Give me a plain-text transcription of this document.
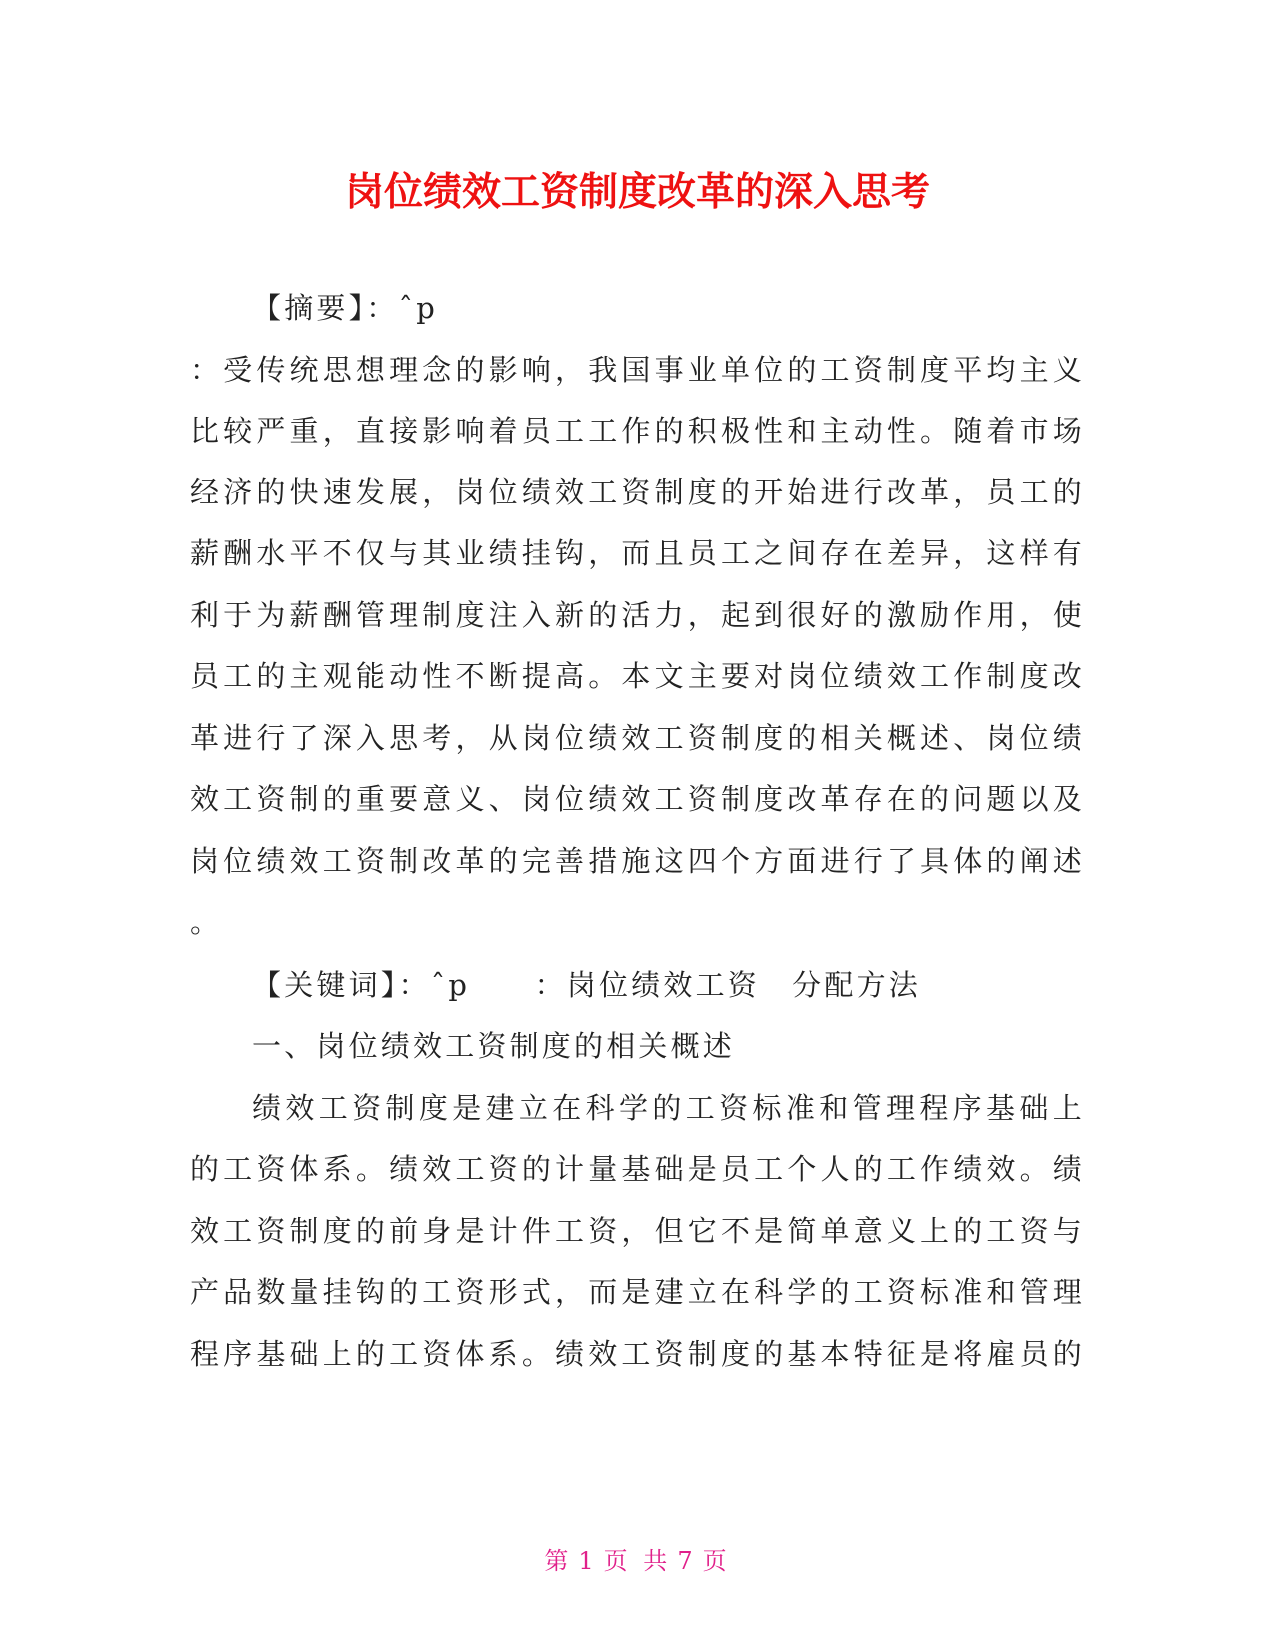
岗位绩效工资制度改革的深入思考
【摘要】：ˆp
：受传统思想理念的影响，我国事业单位的工资制度平均主义
比较严重，直接影响着员工工作的积极性和主动性。随着市场
经济的快速发展，岗位绩效工资制度的开始进行改革，员工的
薪酬水平不仅与其业绩挂钩，而且员工之间存在差异，这样有
利于为薪酬管理制度注入新的活力，起到很好的激励作用，使
员工的主观能动性不断提高。本文主要对岗位绩效工作制度改
革进行了深入思考，从岗位绩效工资制度的相关概述、岗位绩
效工资制的重要意义、岗位绩效工资制度改革存在的问题以及
岗位绩效工资制改革的完善措施这四个方面进行了具体的阐述
。
【关键词】：ˆp　　：岗位绩效工资　分配方法
一、岗位绩效工资制度的相关概述
绩效工资制度是建立在科学的工资标准和管理程序基础上
的工资体系。绩效工资的计量基础是员工个人的工作绩效。绩
效工资制度的前身是计件工资，但它不是简单意义上的工资与
产品数量挂钩的工资形式，而是建立在科学的工资标准和管理
程序基础上的工资体系。绩效工资制度的基本特征是将雇员的
第 1 页 共 7 页
